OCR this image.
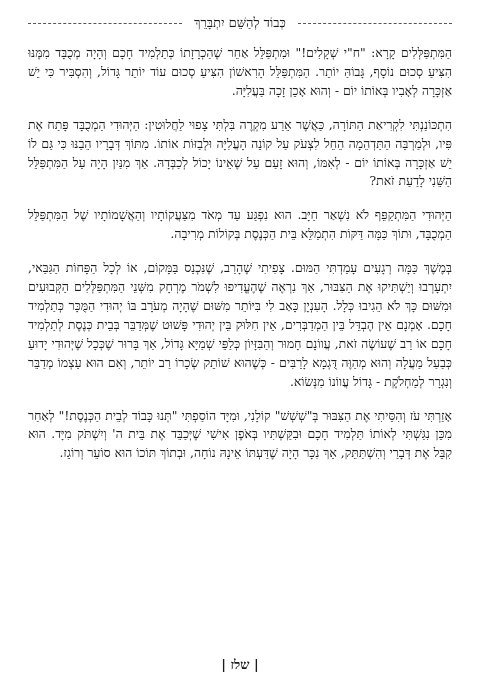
כְּבוֹד לְהַשֵּׁם יִתְבָּרֵךְ

הַמִּתְפַּלְּלִים קָרָא: "ח"י שְׁקָלִים!" וּמִתְפַּלֵּל אַחֵר שֶׁהַכְרָזָתוֹ כְּתַלְמִיד חָכָם וְהָיָה מְכֻבָּד מִמֶּנּוּ הִצִּיעַ סְכוּם נוֹסָף, גָּבוֹהַּ יוֹתֵר. הַמִּתְפַּלֵּל הָרִאשׁוֹן הִצִּיעַ סְכוּם עוֹד יוֹתֵר גָּדוֹל, וְהִסְבִּיר כִּי יֵשׁ אַזְכָּרָה לְאָבִיו בְּאוֹתוֹ יוֹם - וְהוּא אָכֵן זָכָה בַּעֲלִיָּה.

הִתְכּוֹנַנְתִּי לִקְרִיאַת הַתּוֹרָה, כַּאֲשֶׁר אֵרַע מִקְרֶה בִּלְתִּי צָפוּי לַחֲלוּטִין: הַיְּהוּדִי הַמְכֻבָּד פָּתַח אֶת פִּיו, וּלְמַרְבֵּה הַתַּדְהֵמָה הֵחֵל לִצְעֹק עַל קוֹנֵה הָעֲלִיָּה וּלְבַזּוֹת אוֹתוֹ. מִתּוֹךְ דְּבָרָיו הֵבַנּוּ כִּי גַּם לוֹ יֵשׁ אַזְכָּרָה בְּאוֹתוֹ יוֹם - לְאִמּוֹ, וְהוּא זָעַם עַל שֶׁאֵינוֹ יָכוֹל לְכַבְּדָהּ. אַךְ מִנַּיִן הָיָה עַל הַמִּתְפַּלֵּל הַשֵּׁנִי לָדַעַת זֹאת?

הַיְּהוּדִי הַמִּתְקַפֵּף לֹא נִשְׁאַר חַיָּב. הוּא נִפְגַּע עַד מְאֹד מִצַּעֲקוֹתָיו וְהַאֲשָׁמוֹתָיו שֶׁל הַמִּתְפַּלֵּל הַמְכֻבָּד, וּתוֹךְ כַּמָּה דַּקּוֹת הִתְמַלֵּא בֵּית הַכְּנֶסֶת בְּקוֹלוֹת מְרִיבָה.

בְּמֶשֶׁךְ כַּמָּה רְגָעִים עָמַדְתִּי הַמּוּם. צָפִיתִי שֶׁהָרַב, שֶׁנִּכְנַס בַּמָּקוֹם, אוֹ לְכָל הַפָּחוֹת הַגַּבַּאי, יִתְעָרְבוּ וְיַשְׁתִּיקוּ אֶת הַצִּבּוּר, אַךְ נִרְאֶה שֶׁהֶעֱדִיפוּ לִשְׁמֹר מֶרְחָק מִשְּׁנֵי הַמִּתְפַּלְּלִים הַקְּבוּעִים וּמִשּׁוּם כָּךְ לֹא הֵגִיבוּ כְּלָל. הָעִנְיָן כָּאַב לִי בִּיּוֹתֵר מִשּׁוּם שֶׁהָיָה מְעֹרָב בּוֹ יְהוּדִי הַמֻּכָּר כְּתַלְמִיד חָכָם. אָמְנָם אֵין הֶבְדֵּל בֵּין הַמְדַבְּרִים, אֵין חִלּוּק בֵּין יְהוּדִי פָּשׁוּט שֶׁמְּדַבֵּר בְּבֵית כְּנֶסֶת לְתַלְמִיד חָכָם אוֹ רַב שֶׁעוֹשֶׂה זֹאת, עֲווֹנָם חָמוּר וְהַבִּזָּיוֹן כְּלַפֵּי שְׁמַיָּא גָּדוֹל, אַךְ בָּרוּר שֶׁכְּכָל שֶׁיְּהוּדִי יָדוּעַ כְּבַעַל מַעֲלָה וְהוּא מְהַוֶּה דֻּגְמָא לָרַבִּים - כְּשֶׁהוּא שׁוֹתֵק שְׂכָרוֹ רַב יוֹתֵר, וְאִם הוּא עַצְמוֹ מְדַבֵּר וְנִגְרָר לְמַחְלֹקֶת - גָּדוֹל עֲווֹנוֹ מִנְּשׂוֹא.

אָזַרְתִּי עֹז וְהִסֵּיתִי אֶת הַצִּבּוּר בְּ"שְׁשְׁשׁ" קוֹלָנִי, וּמִיָּד הוֹסַפְתִּי "תְּנוּ כָּבוֹד לְבֵית הַכְּנֶסֶת!" לְאַחַר מִכֵּן נִגַּשְׁתִּי לְאוֹתוֹ תַּלְמִיד חָכָם וּבִקַּשְׁתִּיו בְּאֹפֶן אִישִׁי שֶׁיְּכַבֵּד אֶת בֵּית ה' וְיִשְׁתֹּק מִיָּד. הוּא קִבֵּל אֶת דְּבָרַי וְהִשְׁתַּתֵּק, אַךְ נִכָּר הָיָה שֶׁדַּעְתּוֹ אֵינָהּ נוֹחָה, וּבְתוֹךְ תּוֹכוֹ הוּא סוֹעֵר וְרוֹגֵז.

| שלז |
